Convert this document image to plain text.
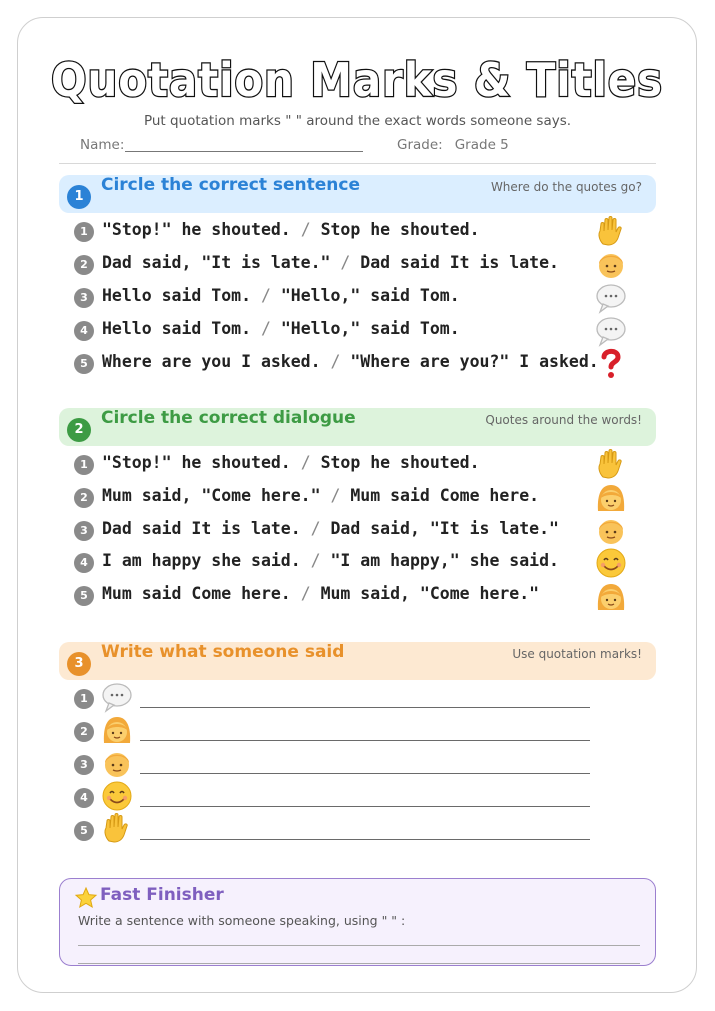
Quotation Marks & Titles
Put quotation marks " " around the exact words someone says.
Name:	Grade: Grade 5
1
Circle the correct sentence	Where do the quotes go?
1 "Stop!" he shouted. / Stop he shouted.
2 Dad said, "It is late." / Dad said It is late.
3 Hello said Tom. / "Hello," said Tom.
4 Hello said Tom. / "Hello," said Tom.
5 Where are you I asked. / "Where are you?" I asked.
2
Circle the correct dialogue	Quotes around the words!
1 "Stop!" he shouted. / Stop he shouted.
2 Mum said, "Come here." / Mum said Come here.
3 Dad said It is late. / Dad said, "It is late."
4 I am happy she said. / "I am happy," she said.
5 Mum said Come here. / Mum said, "Come here."
3
Write what someone said	Use quotation marks!
1
2
3
4
5
Fast Finisher
Write a sentence with someone speaking, using " " :
